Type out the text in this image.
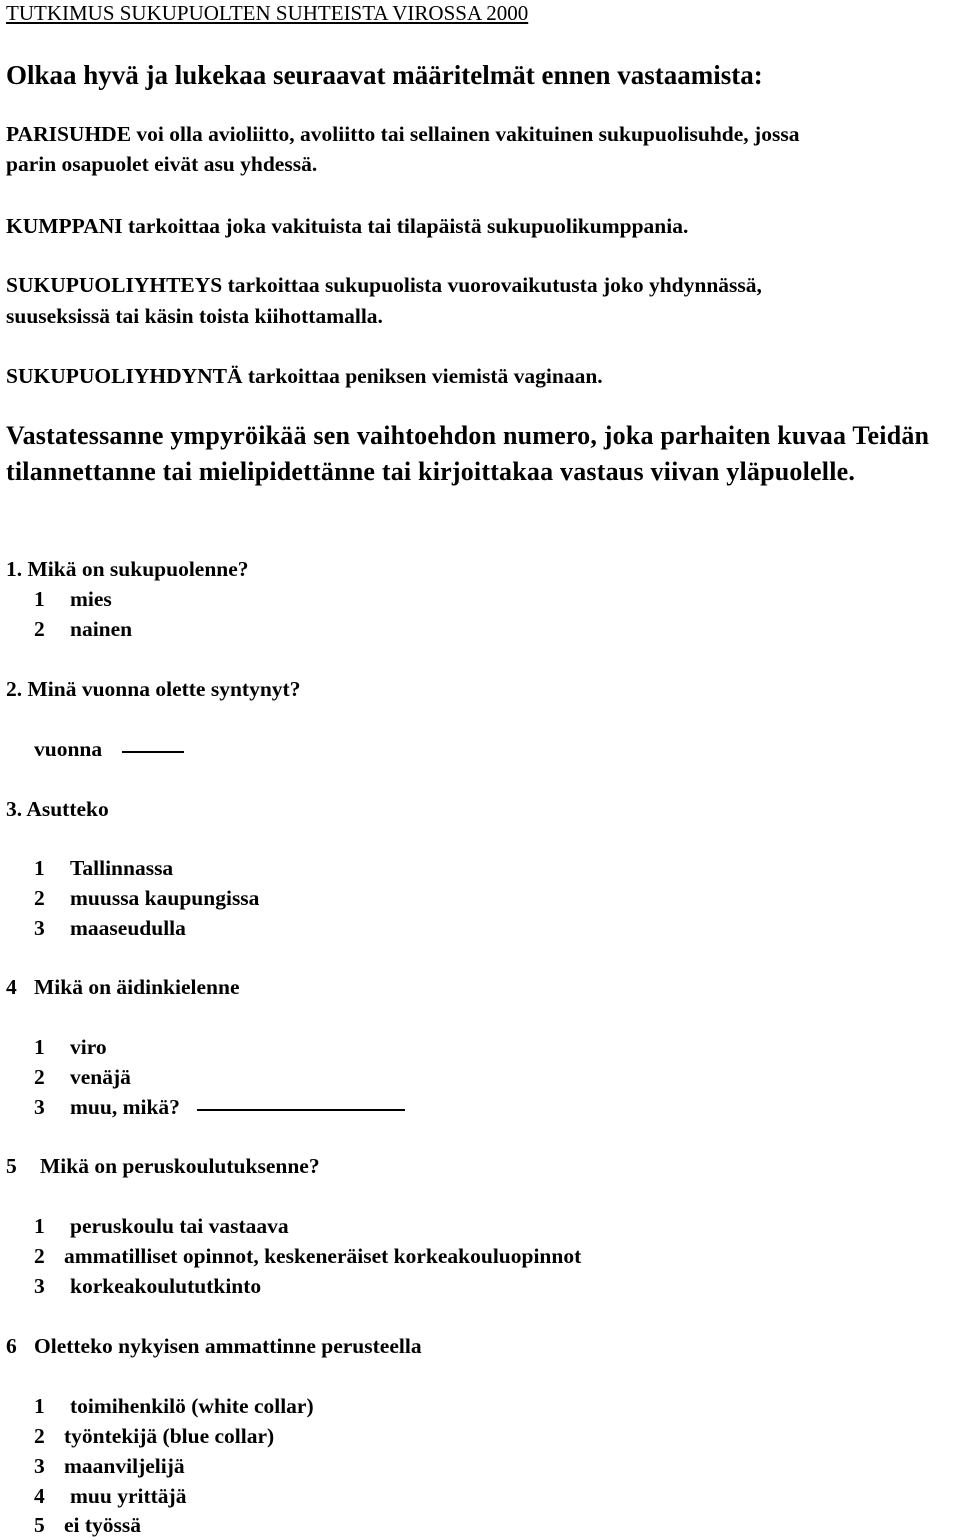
TUTKIMUS SUKUPUOLTEN SUHTEISTA VIROSSA 2000
Olkaa hyvä ja lukekaa seuraavat määritelmät ennen vastaamista:
PARISUHDE voi olla avioliitto, avoliitto tai sellainen vakituinen sukupuolisuhde, jossa
parin osapuolet eivät asu yhdessä.
KUMPPANI tarkoittaa joka vakituista tai tilapäistä sukupuolikumppania.
SUKUPUOLIYHTEYS tarkoittaa sukupuolista vuorovaikutusta joko yhdynnässä,
suuseksissä tai käsin toista kiihottamalla.
SUKUPUOLIYHDYNTÄ tarkoittaa peniksen viemistä vaginaan.
Vastatessanne ympyröikää sen vaihtoehdon numero, joka parhaiten kuvaa Teidän tilannettanne tai mielipidettänne tai kirjoittakaa vastaus viivan yläpuolelle.
1. Mikä on sukupuolenne?
1 mies
2 nainen
2. Minä vuonna olette syntynyt?
vuonna
3. Asutteko
1 Tallinnassa
2 muussa kaupungissa
3 maaseudulla
4 Mikä on äidinkielenne
1 viro
2 venäjä
3 muu, mikä?
5 Mikä on peruskoulutuksenne?
1 peruskoulu tai vastaava
2 ammatilliset opinnot, keskeneräiset korkeakouluopinnot
3 korkeakoulututkinto
6 Oletteko nykyisen ammattinne perusteella
1 toimihenkilö (white collar)
2 työntekijä (blue collar)
3 maanviljelijä
4 muu yrittäjä
5 ei työssä
